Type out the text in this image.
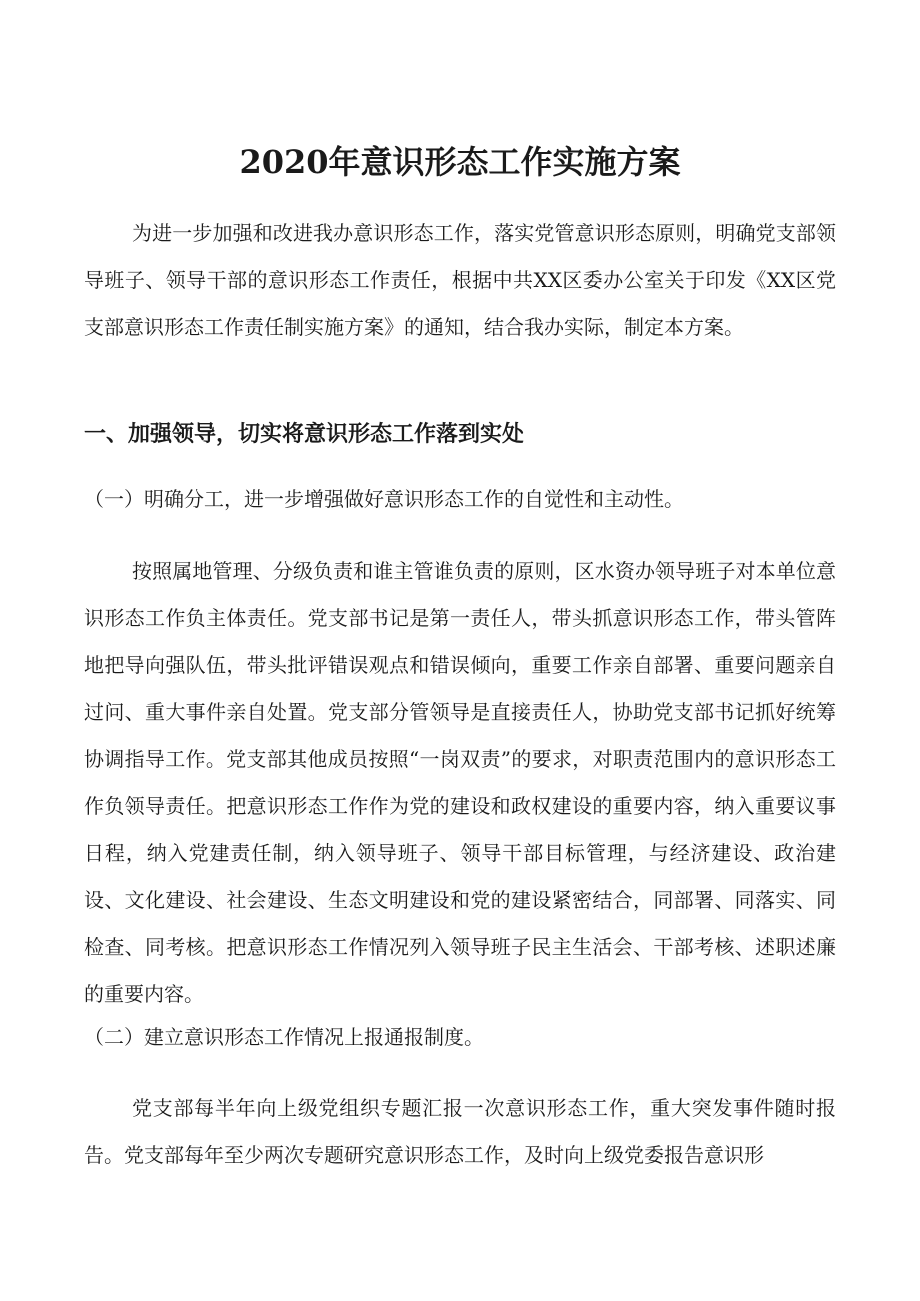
2020年意识形态工作实施方案

为进一步加强和改进我办意识形态工作，落实党管意识形态原则，明确党支部领导班子、领导干部的意识形态工作责任，根据中共XX区委办公室关于印发《XX区党支部意识形态工作责任制实施方案》的通知，结合我办实际，制定本方案。

一、加强领导，切实将意识形态工作落到实处

（一）明确分工，进一步增强做好意识形态工作的自觉性和主动性。

按照属地管理、分级负责和谁主管谁负责的原则，区水资办领导班子对本单位意识形态工作负主体责任。党支部书记是第一责任人，带头抓意识形态工作，带头管阵地把导向强队伍，带头批评错误观点和错误倾向，重要工作亲自部署、重要问题亲自过问、重大事件亲自处置。党支部分管领导是直接责任人，协助党支部书记抓好统筹协调指导工作。党支部其他成员按照“一岗双责”的要求，对职责范围内的意识形态工作负领导责任。把意识形态工作作为党的建设和政权建设的重要内容，纳入重要议事日程，纳入党建责任制，纳入领导班子、领导干部目标管理，与经济建设、政治建设、文化建设、社会建设、生态文明建设和党的建设紧密结合，同部署、同落实、同检查、同考核。把意识形态工作情况列入领导班子民主生活会、干部考核、述职述廉的重要内容。

（二）建立意识形态工作情况上报通报制度。

党支部每半年向上级党组织专题汇报一次意识形态工作，重大突发事件随时报告。党支部每年至少两次专题研究意识形态工作，及时向上级党委报告意识形
